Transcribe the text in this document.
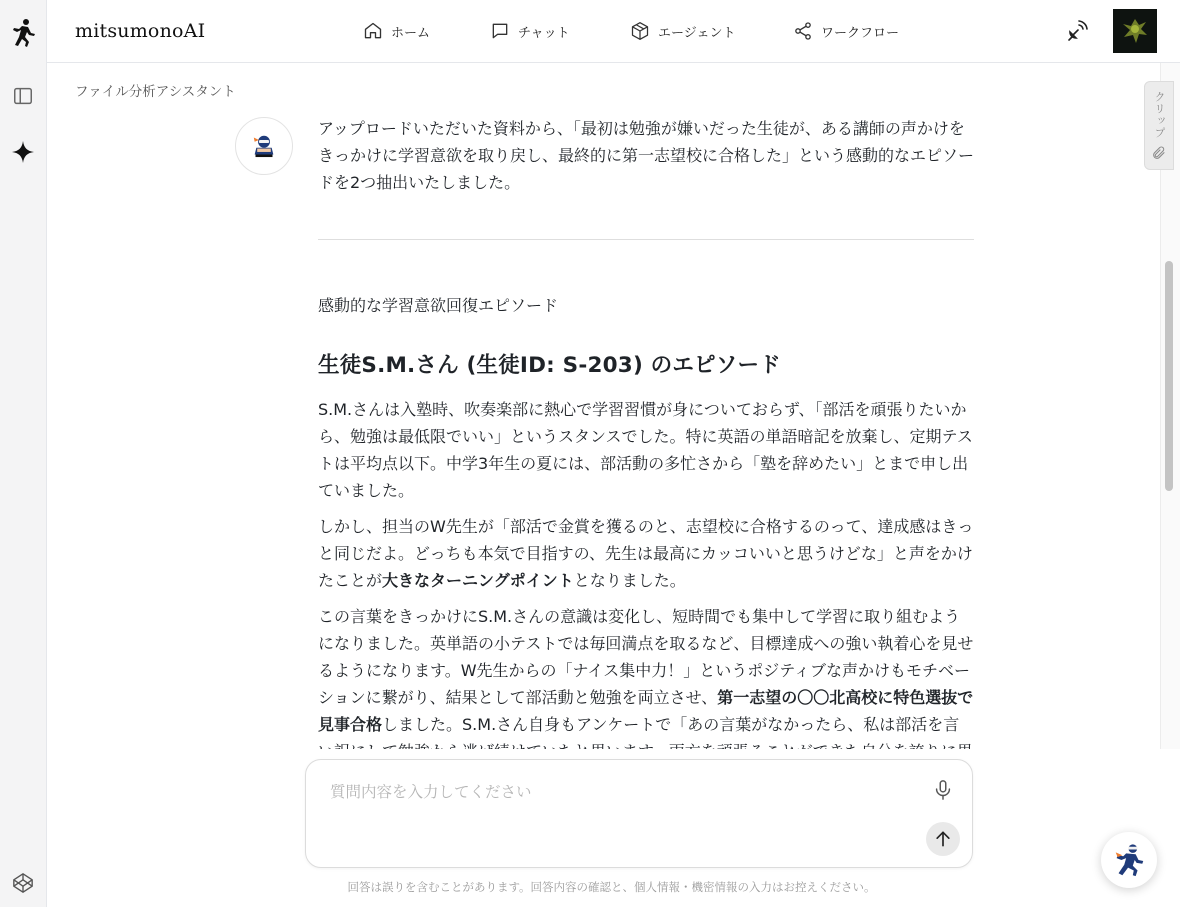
mitsumonoAI	ホーム	チャット	エージェント	ワークフロー
ファイル分析アシスタント

アップロードいただいた資料から、「最初は勉強が嫌いだった生徒が、ある講師の声かけをきっかけに学習意欲を取り戻し、最終的に第一志望校に合格した」という感動的なエピソードを2つ抽出いたしました。

感動的な学習意欲回復エピソード
生徒S.M.さん (生徒ID: S-203) のエピソード

S.M.さんは入塾時、吹奏楽部に熱心で学習習慣が身についておらず、「部活を頑張りたいから、勉強は最低限でいい」というスタンスでした。特に英語の単語暗記を放棄し、定期テストは平均点以下。中学3年生の夏には、部活動の多忙さから「塾を辞めたい」とまで申し出ていました。

しかし、担当のW先生が「部活で金賞を獲るのと、志望校に合格するのって、達成感はきっと同じだよ。どっちも本気で目指すの、先生は最高にカッコいいと思うけどな」と声をかけたことが大きなターニングポイントとなりました。

この言葉をきっかけにS.M.さんの意識は変化し、短時間でも集中して学習に取り組むようになりました。英単語の小テストでは毎回満点を取るなど、目標達成への強い執着心を見せるようになります。W先生からの「ナイス集中力！」というポジティブな声かけもモチベーションに繋がり、結果として部活動と勉強を両立させ、第一志望の〇〇北高校に特色選抜で見事合格しました。S.M.さん自身もアンケートで「あの言葉がなかったら、私は部活を言

クリップ
質問内容を入力してください
回答は誤りを含むことがあります。回答内容の確認と、個人情報・機密情報の入力はお控えください。
